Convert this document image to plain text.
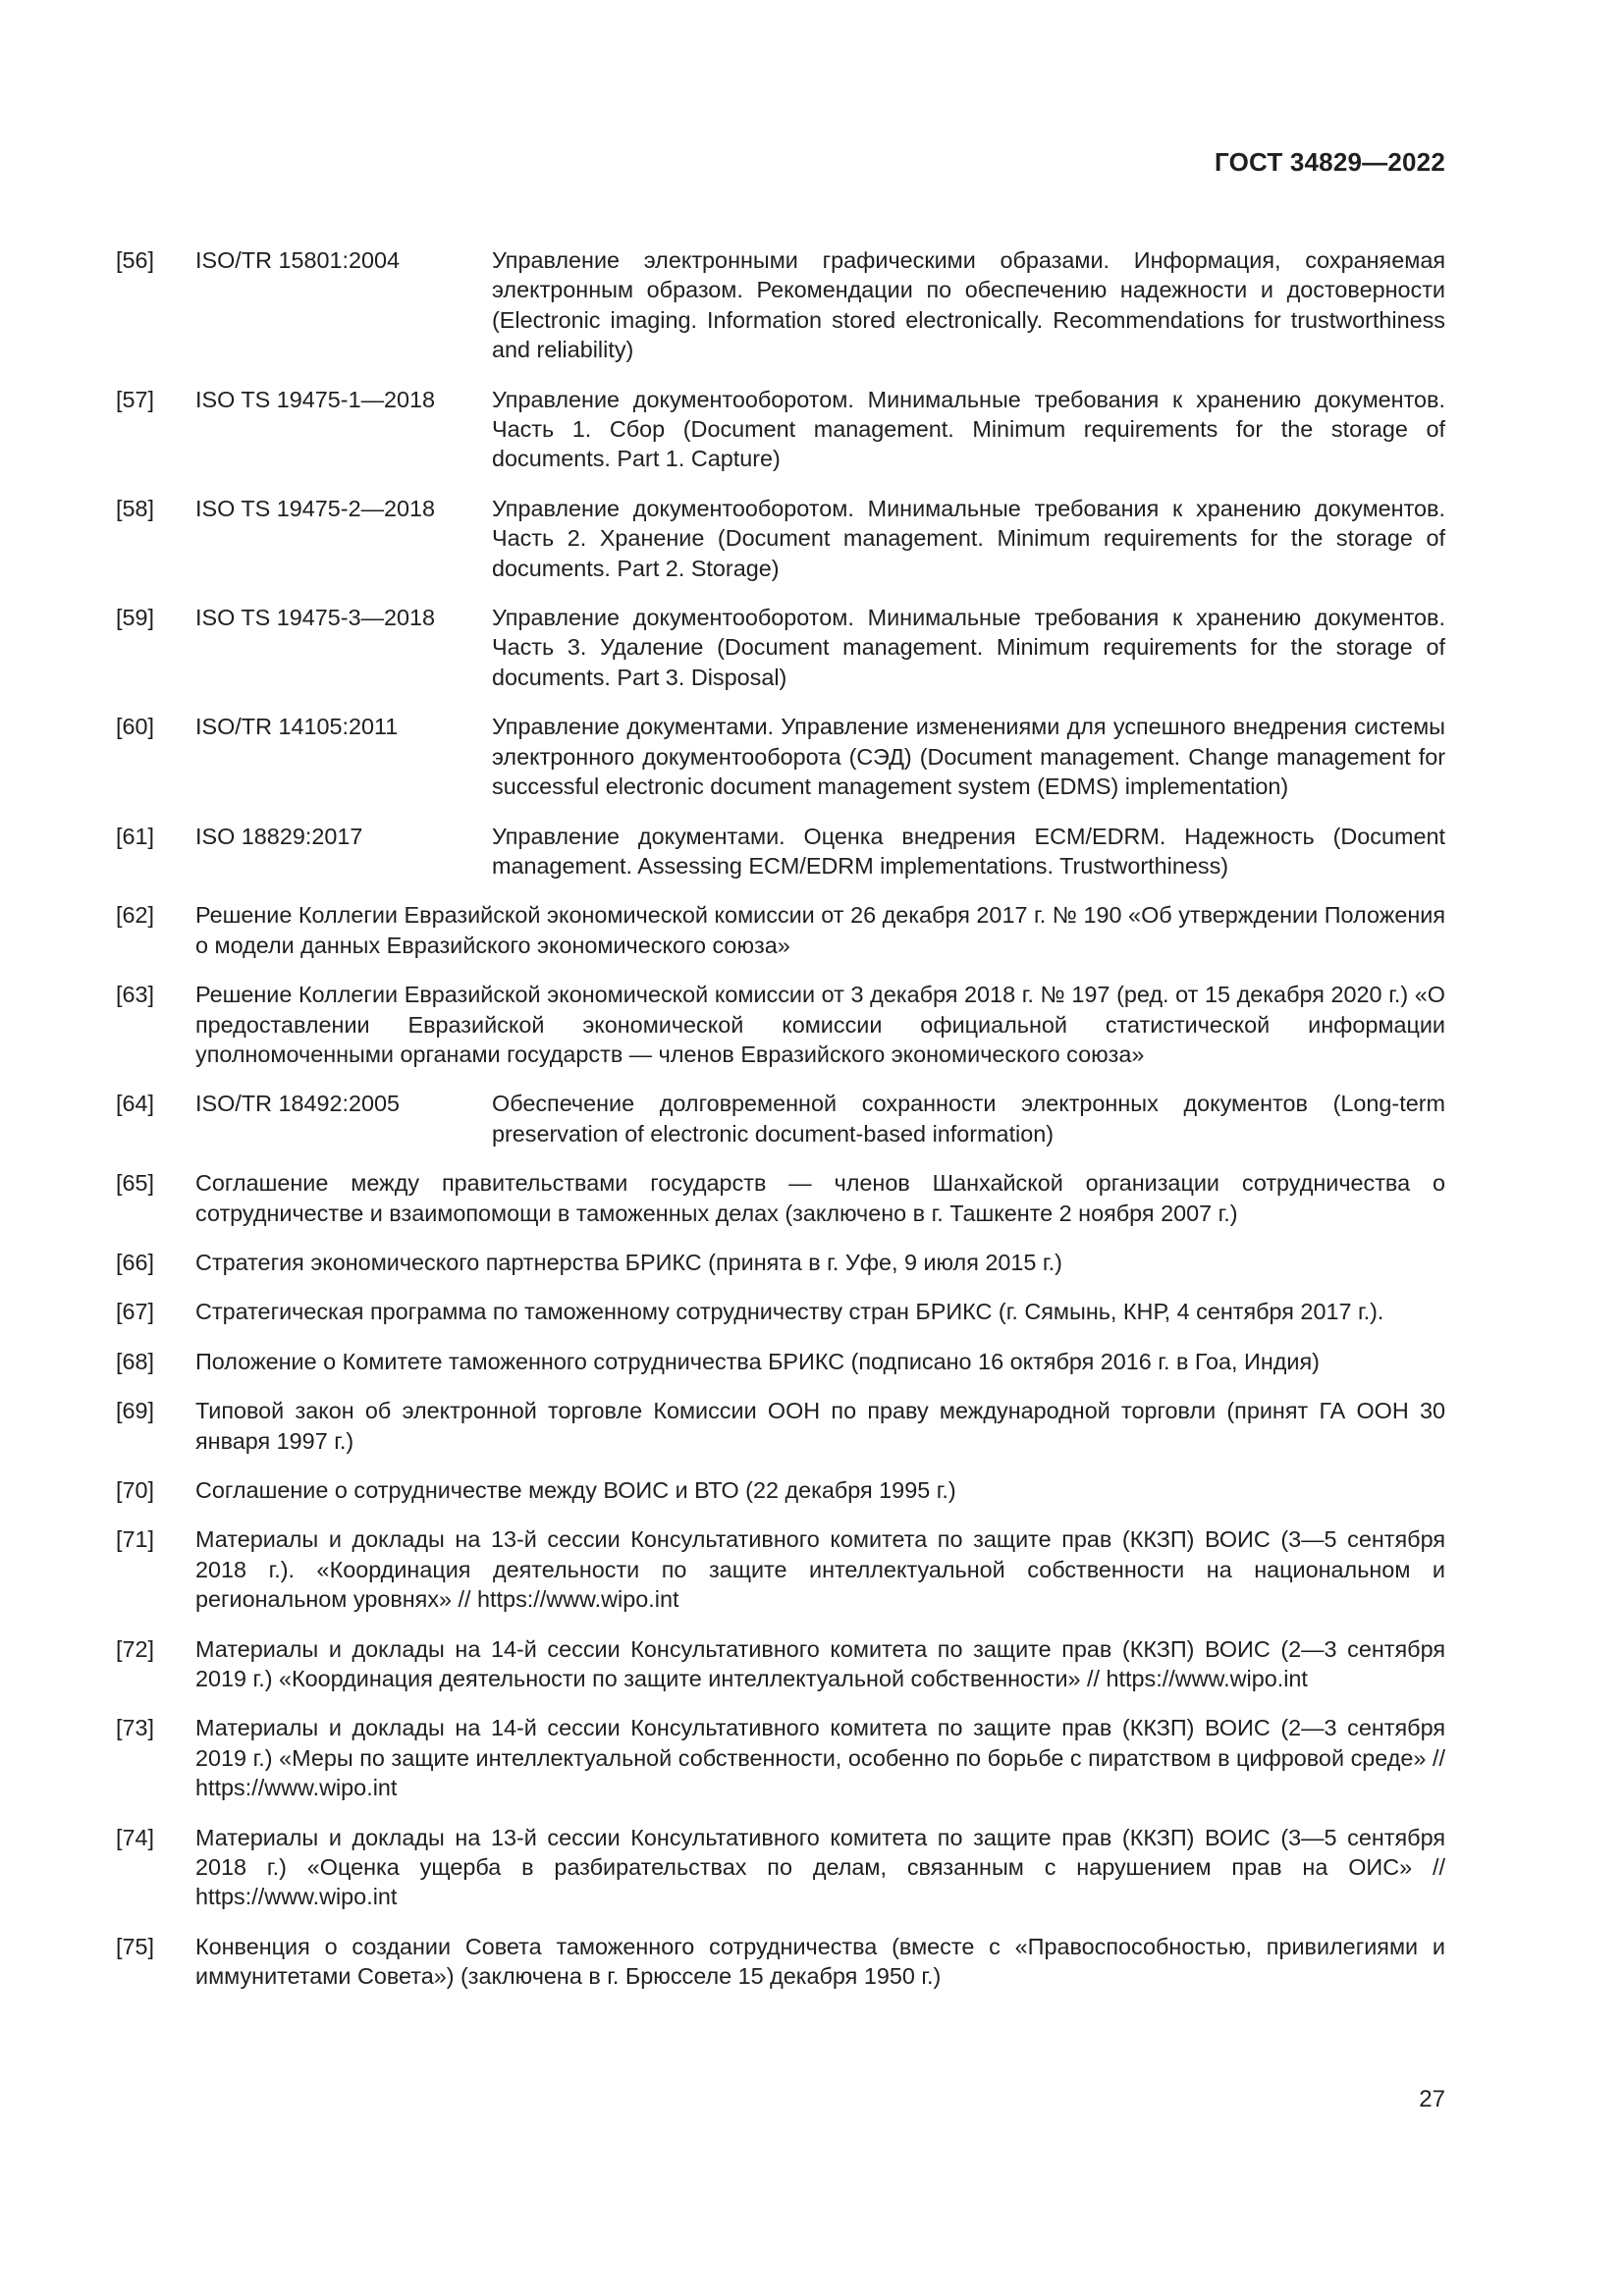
ГОСТ 34829—2022
[56]	ISO/TR 15801:2004	Управление электронными графическими образами. Информация, сохраняемая электронным образом. Рекомендации по обеспечению надежности и достоверности (Electronic imaging. Information stored electronically. Recommendations for trustworthiness and reliability)
[57]	ISO TS 19475-1—2018	Управление документооборотом. Минимальные требования к хранению документов. Часть 1. Сбор (Document management. Minimum requirements for the storage of documents. Part 1. Capture)
[58]	ISO TS 19475-2—2018	Управление документооборотом. Минимальные требования к хранению документов. Часть 2. Хранение (Document management. Minimum requirements for the storage of documents. Part 2. Storage)
[59]	ISO TS 19475-3—2018	Управление документооборотом. Минимальные требования к хранению документов. Часть 3. Удаление (Document management. Minimum requirements for the storage of documents. Part 3. Disposal)
[60]	ISO/TR 14105:2011	Управление документами. Управление изменениями для успешного внедрения системы электронного документооборота (СЭД) (Document management. Change management for successful electronic document management system (EDMS) implementation)
[61]	ISO 18829:2017	Управление документами. Оценка внедрения ECM/EDRM. Надежность (Document management. Assessing ECM/EDRM implementations. Trustworthiness)
[62]	Решение Коллегии Евразийской экономической комиссии от 26 декабря 2017 г. № 190 «Об утверждении Положения о модели данных Евразийского экономического союза»
[63]	Решение Коллегии Евразийской экономической комиссии от 3 декабря 2018 г. № 197 (ред. от 15 декабря 2020 г.) «О предоставлении Евразийской экономической комиссии официальной статистической информации уполномоченными органами государств — членов Евразийского экономического союза»
[64]	ISO/TR 18492:2005	Обеспечение долговременной сохранности электронных документов (Long-term preservation of electronic document-based information)
[65]	Соглашение между правительствами государств — членов Шанхайской организации сотрудничества о сотрудничестве и взаимопомощи в таможенных делах (заключено в г. Ташкенте 2 ноября 2007 г.)
[66]	Стратегия экономического партнерства БРИКС (принята в г. Уфе, 9 июля 2015 г.)
[67]	Стратегическая программа по таможенному сотрудничеству стран БРИКС (г. Сямынь, КНР, 4 сентября 2017 г.).
[68]	Положение о Комитете таможенного сотрудничества БРИКС (подписано 16 октября 2016 г. в Гоа, Индия)
[69]	Типовой закон об электронной торговле Комиссии ООН по праву международной торговли (принят ГА ООН 30 января 1997 г.)
[70]	Соглашение о сотрудничестве между ВОИС и ВТО (22 декабря 1995 г.)
[71]	Материалы и доклады на 13-й сессии Консультативного комитета по защите прав (ККЗП) ВОИС (3—5 сентября 2018 г.). «Координация деятельности по защите интеллектуальной собственности на национальном и региональном уровнях» // https://www.wipo.int
[72]	Материалы и доклады на 14-й сессии Консультативного комитета по защите прав (ККЗП) ВОИС (2—3 сентября 2019 г.) «Координация деятельности по защите интеллектуальной собственности» // https://www.wipo.int
[73]	Материалы и доклады на 14-й сессии Консультативного комитета по защите прав (ККЗП) ВОИС (2—3 сентября 2019 г.) «Меры по защите интеллектуальной собственности, особенно по борьбе с пиратством в цифровой среде» // https://www.wipo.int
[74]	Материалы и доклады на 13-й сессии Консультативного комитета по защите прав (ККЗП) ВОИС (3—5 сентября 2018 г.) «Оценка ущерба в разбирательствах по делам, связанным с нарушением прав на ОИС» // https://www.wipo.int
[75]	Конвенция о создании Совета таможенного сотрудничества (вместе с «Правоспособностью, привилегиями и иммунитетами Совета») (заключена в г. Брюсселе 15 декабря 1950 г.)
27
